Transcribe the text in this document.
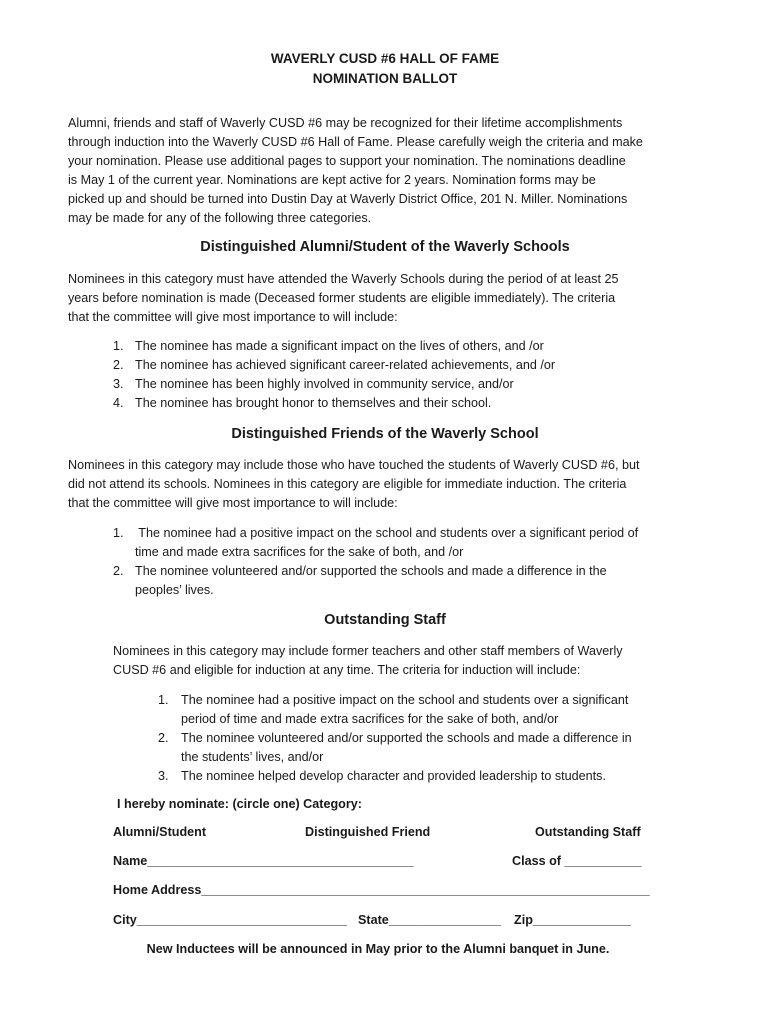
WAVERLY CUSD #6 HALL OF FAME
NOMINATION BALLOT
Alumni, friends and staff of Waverly CUSD #6 may be recognized for their lifetime accomplishments
through induction into the Waverly CUSD #6 Hall of Fame. Please carefully weigh the criteria and make
your nomination. Please use additional pages to support your nomination. The nominations deadline
is May 1 of the current year. Nominations are kept active for 2 years. Nomination forms may be
picked up and should be turned into Dustin Day at Waverly District Office, 201 N. Miller. Nominations
may be made for any of the following three categories.
Distinguished Alumni/Student of the Waverly Schools
Nominees in this category must have attended the Waverly Schools during the period of at least 25
years before nomination is made (Deceased former students are eligible immediately). The criteria
that the committee will give most importance to will include:
1. The nominee has made a significant impact on the lives of others, and /or
2. The nominee has achieved significant career-related achievements, and /or
3. The nominee has been highly involved in community service, and/or
4. The nominee has brought honor to themselves and their school.
Distinguished Friends of the Waverly School
Nominees in this category may include those who have touched the students of Waverly CUSD #6, but
did not attend its schools. Nominees in this category are eligible for immediate induction. The criteria
that the committee will give most importance to will include:
1. The nominee had a positive impact on the school and students over a significant period of
time and made extra sacrifices for the sake of both, and /or
2. The nominee volunteered and/or supported the schools and made a difference in the
peoples’ lives.
Outstanding Staff
Nominees in this category may include former teachers and other staff members of Waverly
CUSD #6 and eligible for induction at any time. The criteria for induction will include:
1. The nominee had a positive impact on the school and students over a significant
period of time and made extra sacrifices for the sake of both, and/or
2. The nominee volunteered and/or supported the schools and made a difference in
the students’ lives, and/or
3. The nominee helped develop character and provided leadership to students.
I hereby nominate: (circle one) Category:
Alumni/Student	Distinguished Friend	Outstanding Staff
Name______________________________________	Class of ___________
Home Address________________________________________________________________
City______________________________ State________________ Zip______________
New Inductees will be announced in May prior to the Alumni banquet in June.
